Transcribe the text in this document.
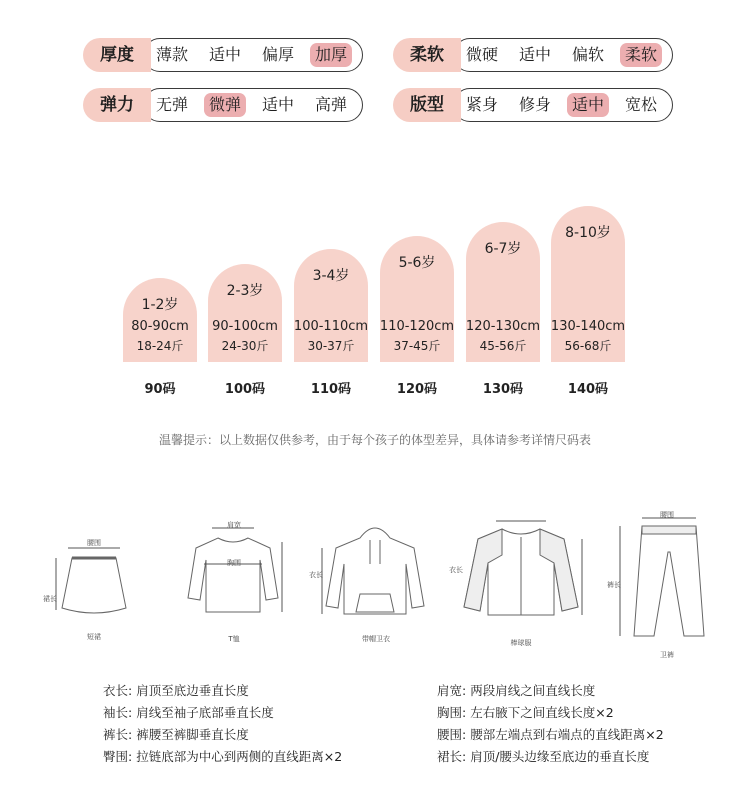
厚度	薄款	适中	偏厚	加厚	柔软	微硬	适中	偏软	柔软
弹力	无弹	微弹	适中	高弹	版型	紧身	修身	适中	宽松
1-2岁
80-90cm
18-24斤
90码
2-3岁
90-100cm
24-30斤
100码
3-4岁
100-110cm
30-37斤
110码
5-6岁
110-120cm
37-45斤
120码
6-7岁
120-130cm
45-56斤
130码
8-10岁
130-140cm
56-68斤
140码
温馨提示：以上数据仅供参考，由于每个孩子的体型差异，具体请参考详情尺码表
短裙
腰围
裙长
T恤
肩宽
胸围
带帽卫衣
衣长
棒球服
衣长
卫裤
腰围
裤长
衣长: 肩顶至底边垂直长度
袖长: 肩线至袖子底部垂直长度
裤长: 裤腰至裤脚垂直长度
臀围: 拉链底部为中心到两侧的直线距离×2
肩宽: 两段肩线之间直线长度
胸围: 左右腋下之间直线长度×2
腰围: 腰部左端点到右端点的直线距离×2
裙长: 肩顶/腰头边缘至底边的垂直长度
